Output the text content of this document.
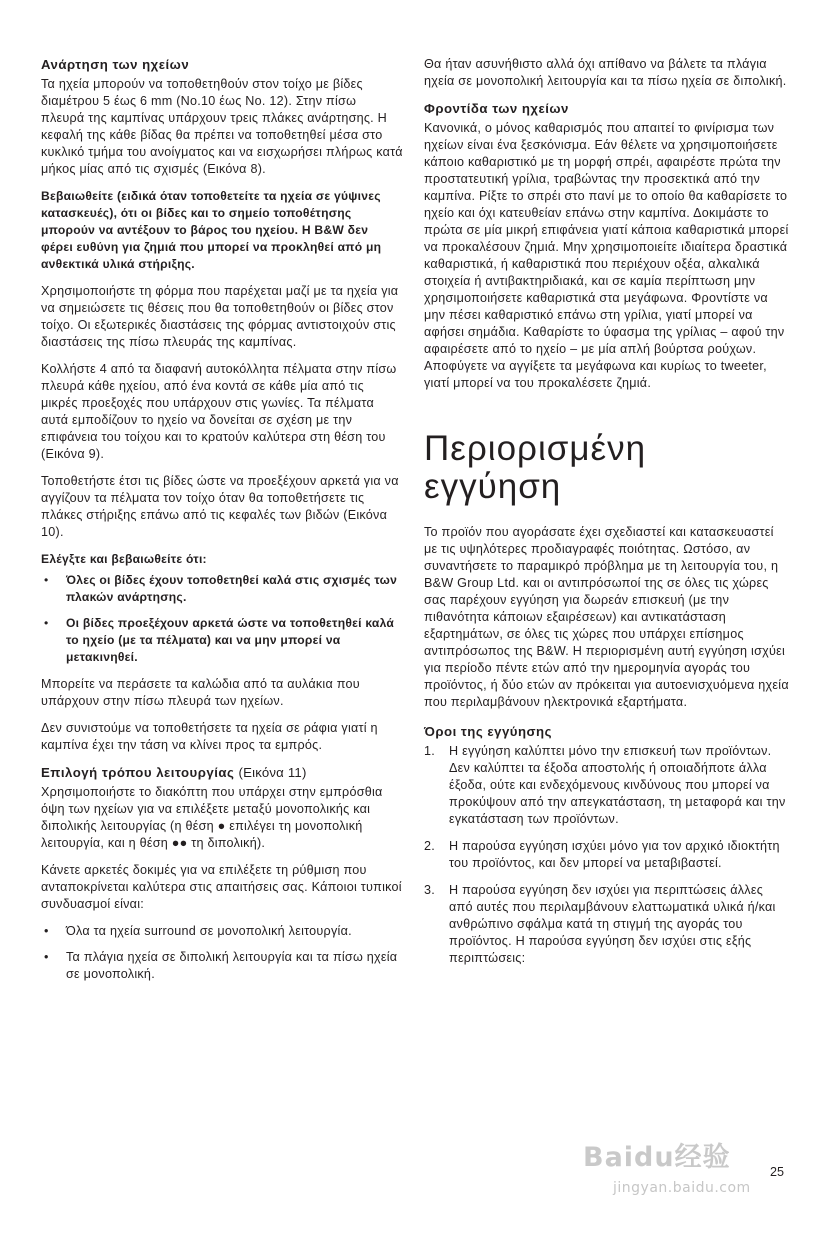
Ανάρτηση των ηχείων

Τα ηχεία μπορούν να τοποθετηθούν στον τοίχο με βίδες διαμέτρου 5 έως 6 mm (No.10 έως No. 12). Στην πίσω πλευρά της καμπίνας υπάρχουν τρεις πλάκες ανάρτησης. Η κεφαλή της κάθε βίδας θα πρέπει να τοποθετηθεί μέσα στο κυκλικό τμήμα του ανοίγματος και να εισχωρήσει πλήρως κατά μήκος μίας από τις σχισμές (Εικόνα 8).

Βεβαιωθείτε (ειδικά όταν τοποθετείτε τα ηχεία σε γύψινες κατασκευές), ότι οι βίδες και το σημείο τοποθέτησης μπορούν να αντέξουν το βάρος του ηχείου. Η B&W δεν φέρει ευθύνη για ζημιά που μπορεί να προκληθεί από μη ανθεκτικά υλικά στήριξης.

Χρησιμοποιήστε τη φόρμα που παρέχεται μαζί με τα ηχεία για να σημειώσετε τις θέσεις που θα τοποθετηθούν οι βίδες στον τοίχο. Οι εξωτερικές διαστάσεις της φόρμας αντιστοιχούν στις διαστάσεις της πίσω πλευράς της καμπίνας.

Κολλήστε 4 από τα διαφανή αυτοκόλλητα πέλματα στην πίσω πλευρά κάθε ηχείου, από ένα κοντά σε κάθε μία από τις μικρές προεξοχές που υπάρχουν στις γωνίες. Τα πέλματα αυτά εμποδίζουν το ηχείο να δονείται σε σχέση με την επιφάνεια του τοίχου και το κρατούν καλύτερα στη θέση του (Εικόνα 9).

Τοποθετήστε έτσι τις βίδες ώστε να προεξέχουν αρκετά για να αγγίζουν τα πέλματα τον τοίχο όταν θα τοποθετήσετε τις πλάκες στήριξης επάνω από τις κεφαλές των βιδών (Εικόνα 10).

Ελέγξτε και βεβαιωθείτε ότι:

• Όλες οι βίδες έχουν τοποθετηθεί καλά στις σχισμές των πλακών ανάρτησης.
• Οι βίδες προεξέχουν αρκετά ώστε να τοποθετηθεί καλά το ηχείο (με τα πέλματα) και να μην μπορεί να μετακινηθεί.

Μπορείτε να περάσετε τα καλώδια από τα αυλάκια που υπάρχουν στην πίσω πλευρά των ηχείων.

Δεν συνιστούμε να τοποθετήσετε τα ηχεία σε ράφια γιατί η καμπίνα έχει την τάση να κλίνει προς τα εμπρός.

Επιλογή τρόπου λειτουργίας (Εικόνα 11)

Χρησιμοποιήστε το διακόπτη που υπάρχει στην εμπρόσθια όψη των ηχείων για να επιλέξετε μεταξύ μονοπολικής και διπολικής λειτουργίας (η θέση ● επιλέγει τη μονοπολική λειτουργία, και η θέση ●● τη διπολική).

Κάνετε αρκετές δοκιμές για να επιλέξετε τη ρύθμιση που ανταποκρίνεται καλύτερα στις απαιτήσεις σας. Κάποιοι τυπικοί συνδυασμοί είναι:

• Όλα τα ηχεία surround σε μονοπολική λειτουργία.
• Τα πλάγια ηχεία σε διπολική λειτουργία και τα πίσω ηχεία σε μονοπολική.

Θα ήταν ασυνήθιστο αλλά όχι απίθανο να βάλετε τα πλάγια ηχεία σε μονοπολική λειτουργία και τα πίσω ηχεία σε διπολική.

Φροντίδα των ηχείων

Κανονικά, ο μόνος καθαρισμός που απαιτεί το φινίρισμα των ηχείων είναι ένα ξεσκόνισμα. Εάν θέλετε να χρησιμοποιήσετε κάποιο καθαριστικό με τη μορφή σπρέι, αφαιρέστε πρώτα την προστατευτική γρίλια, τραβώντας την προσεκτικά από την καμπίνα. Ρίξτε το σπρέι στο πανί με το οποίο θα καθαρίσετε το ηχείο και όχι κατευθείαν επάνω στην καμπίνα. Δοκιμάστε το πρώτα σε μία μικρή επιφάνεια γιατί κάποια καθαριστικά μπορεί να προκαλέσουν ζημιά. Μην χρησιμοποιείτε ιδιαίτερα δραστικά καθαριστικά, ή καθαριστικά που περιέχουν οξέα, αλκαλικά στοιχεία ή αντιβακτηριδιακά, και σε καμία περίπτωση μην χρησιμοποιήσετε καθαριστικά στα μεγάφωνα. Φροντίστε να μην πέσει καθαριστικό επάνω στη γρίλια, γιατί μπορεί να αφήσει σημάδια. Καθαρίστε το ύφασμα της γρίλιας – αφού την αφαιρέσετε από το ηχείο – με μία απλή βούρτσα ρούχων. Αποφύγετε να αγγίξετε τα μεγάφωνα και κυρίως το tweeter, γιατί μπορεί να του προκαλέσετε ζημιά.

Περιορισμένη εγγύηση

Το προϊόν που αγοράσατε έχει σχεδιαστεί και κατασκευαστεί με τις υψηλότερες προδιαγραφές ποιότητας. Ωστόσο, αν συναντήσετε το παραμικρό πρόβλημα με τη λειτουργία του, η B&W Group Ltd. και οι αντιπρόσωποί της σε όλες τις χώρες σας παρέχουν εγγύηση για δωρεάν επισκευή (με την πιθανότητα κάποιων εξαιρέσεων) και αντικατάσταση εξαρτημάτων, σε όλες τις χώρες που υπάρχει επίσημος αντιπρόσωπος της B&W. Η περιορισμένη αυτή εγγύηση ισχύει για περίοδο πέντε ετών από την ημερομηνία αγοράς του προϊόντος, ή δύο ετών αν πρόκειται για αυτοενισχυόμενα ηχεία που περιλαμβάνουν ηλεκτρονικά εξαρτήματα.

Όροι της εγγύησης
1. Η εγγύηση καλύπτει μόνο την επισκευή των προϊόντων. Δεν καλύπτει τα έξοδα αποστολής ή οποιαδήποτε άλλα έξοδα, ούτε και ενδεχόμενους κινδύνους που μπορεί να προκύψουν από την απεγκατάσταση, τη μεταφορά και την εγκατάσταση των προϊόντων.
2. Η παρούσα εγγύηση ισχύει μόνο για τον αρχικό ιδιοκτήτη του προϊόντος, και δεν μπορεί να μεταβιβαστεί.
3. Η παρούσα εγγύηση δεν ισχύει για περιπτώσεις άλλες από αυτές που περιλαμβάνουν ελαττωματικά υλικά ή/και ανθρώπινο σφάλμα κατά τη στιγμή της αγοράς του προϊόντος. Η παρούσα εγγύηση δεν ισχύει στις εξής περιπτώσεις:
Baidu经验
jingyan.baidu.com
25
